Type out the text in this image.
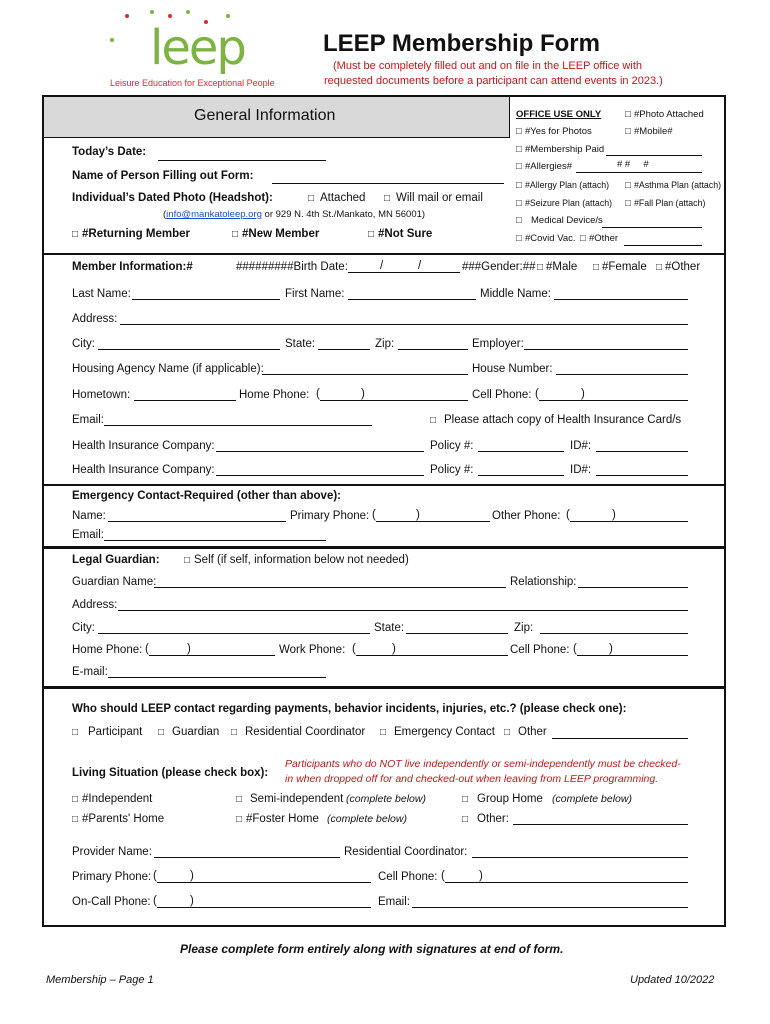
leep
Leisure Education for Exceptional People
LEEP Membership Form
(Must be completely filled out and on file in the LEEP office with
requested documents before a participant can attend events in 2023.)
General Information
Today’s Date:
Name of Person Filling out Form:
Individual’s Dated Photo (Headshot):	□ Attached □ Will mail or email
(info@mankatoleep.org or 929 N. 4th St./Mankato, MN 56001)
□ #Returning Member	□ #New Member	□ #Not Sure
OFFICE USE ONLY	□ #Photo Attached
□ #Yes for Photos	□ #Mobile#
□ #Membership Paid
□ #Allergies#	# #     #
□ #Allergy Plan (attach) □ #Asthma Plan (attach)
□ #Seizure Plan (attach) □ #Fall Plan (attach)
□ Medical Device/s
□ #Covid Vac. □ #Other
Member Information:#	#########Birth Date:	/	/	###Gender:## □ #Male □ #Female □ #Other
Last Name:	First Name:	Middle Name:
Address:
City:	State:	Zip:	Employer:
Housing Agency Name (if applicable):	House Number:
Hometown:	Home Phone: (	)	Cell Phone: (	)
Email:	□ Please attach copy of Health Insurance Card/s
Health Insurance Company:	Policy #:	ID#:
Health Insurance Company:	Policy #:	ID#:
Emergency Contact-Required (other than above):
Name:	Primary Phone: (	)	Other Phone: (	)
Email:
Legal Guardian: □ Self (if self, information below not needed)
Guardian Name:	Relationship:
Address:
City:	State:	Zip:
Home Phone: (	)	Work Phone: (	)	Cell Phone: (	)
E-mail:
Who should LEEP contact regarding payments, behavior incidents, injuries, etc.? (please check one):
□ Participant □ Guardian □ Residential Coordinator □ Emergency Contact □ Other
Living Situation (please check box):
Participants who do NOT live independently or semi-independently must be checked-
in when dropped off for and checked-out when leaving from LEEP programming.
□ #Independent	□ Semi-independent (complete below)	□ Group Home (complete below)
□ #Parents' Home	□ #Foster Home (complete below)	□ Other:
Provider Name:	Residential Coordinator:
Primary Phone: (	)	Cell Phone: (	)
On-Call Phone: (	)	Email:
Please complete form entirely along with signatures at end of form.
Membership – Page 1	Updated 10/2022
